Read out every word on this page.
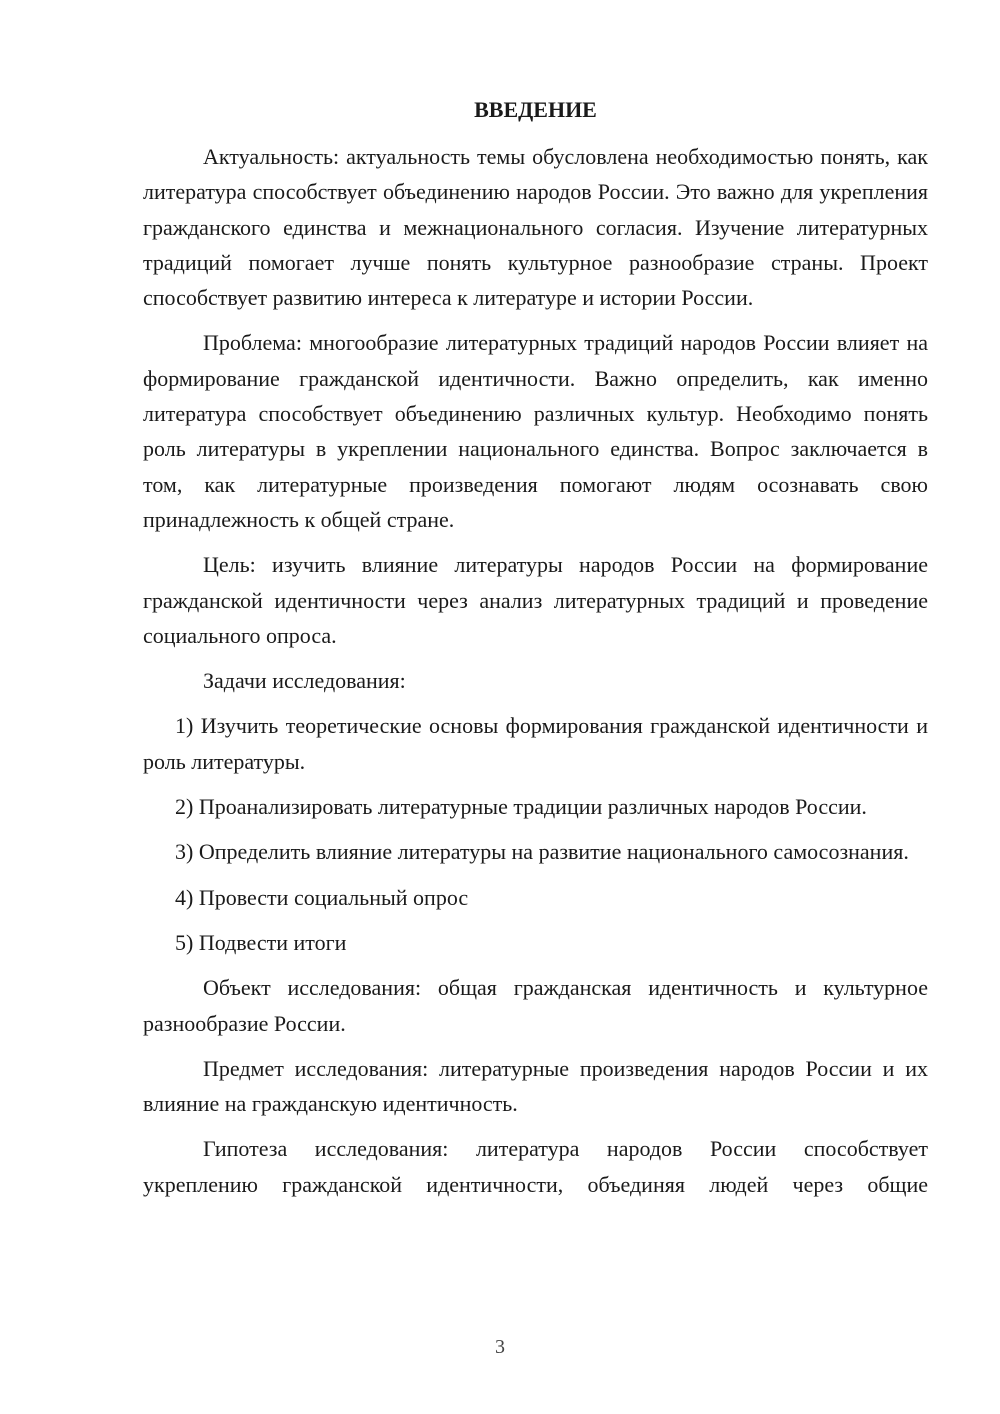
ВВЕДЕНИЕ

Актуальность: актуальность темы обусловлена необходимостью понять, как литература способствует объединению народов России. Это важно для укрепления гражданского единства и межнационального согласия. Изучение литературных традиций помогает лучше понять культурное разнообразие страны. Проект способствует развитию интереса к литературе и истории России.

Проблема: многообразие литературных традиций народов России влияет на формирование гражданской идентичности. Важно определить, как именно литература способствует объединению различных культур. Необходимо понять роль литературы в укреплении национального единства. Вопрос заключается в том, как литературные произведения помогают людям осознавать свою принадлежность к общей стране.

Цель: изучить влияние литературы народов России на формирование гражданской идентичности через анализ литературных традиций и проведение социального опроса.

Задачи исследования:

1) Изучить теоретические основы формирования гражданской идентичности и роль литературы.

2) Проанализировать литературные традиции различных народов России.

3) Определить влияние литературы на развитие национального самосознания.

4) Провести социальный опрос

5) Подвести итоги

Объект исследования: общая гражданская идентичность и культурное разнообразие России.

Предмет исследования: литературные произведения народов России и их влияние на гражданскую идентичность.

Гипотеза исследования: литература народов России способствует укреплению гражданской идентичности, объединяя людей через общие

3
